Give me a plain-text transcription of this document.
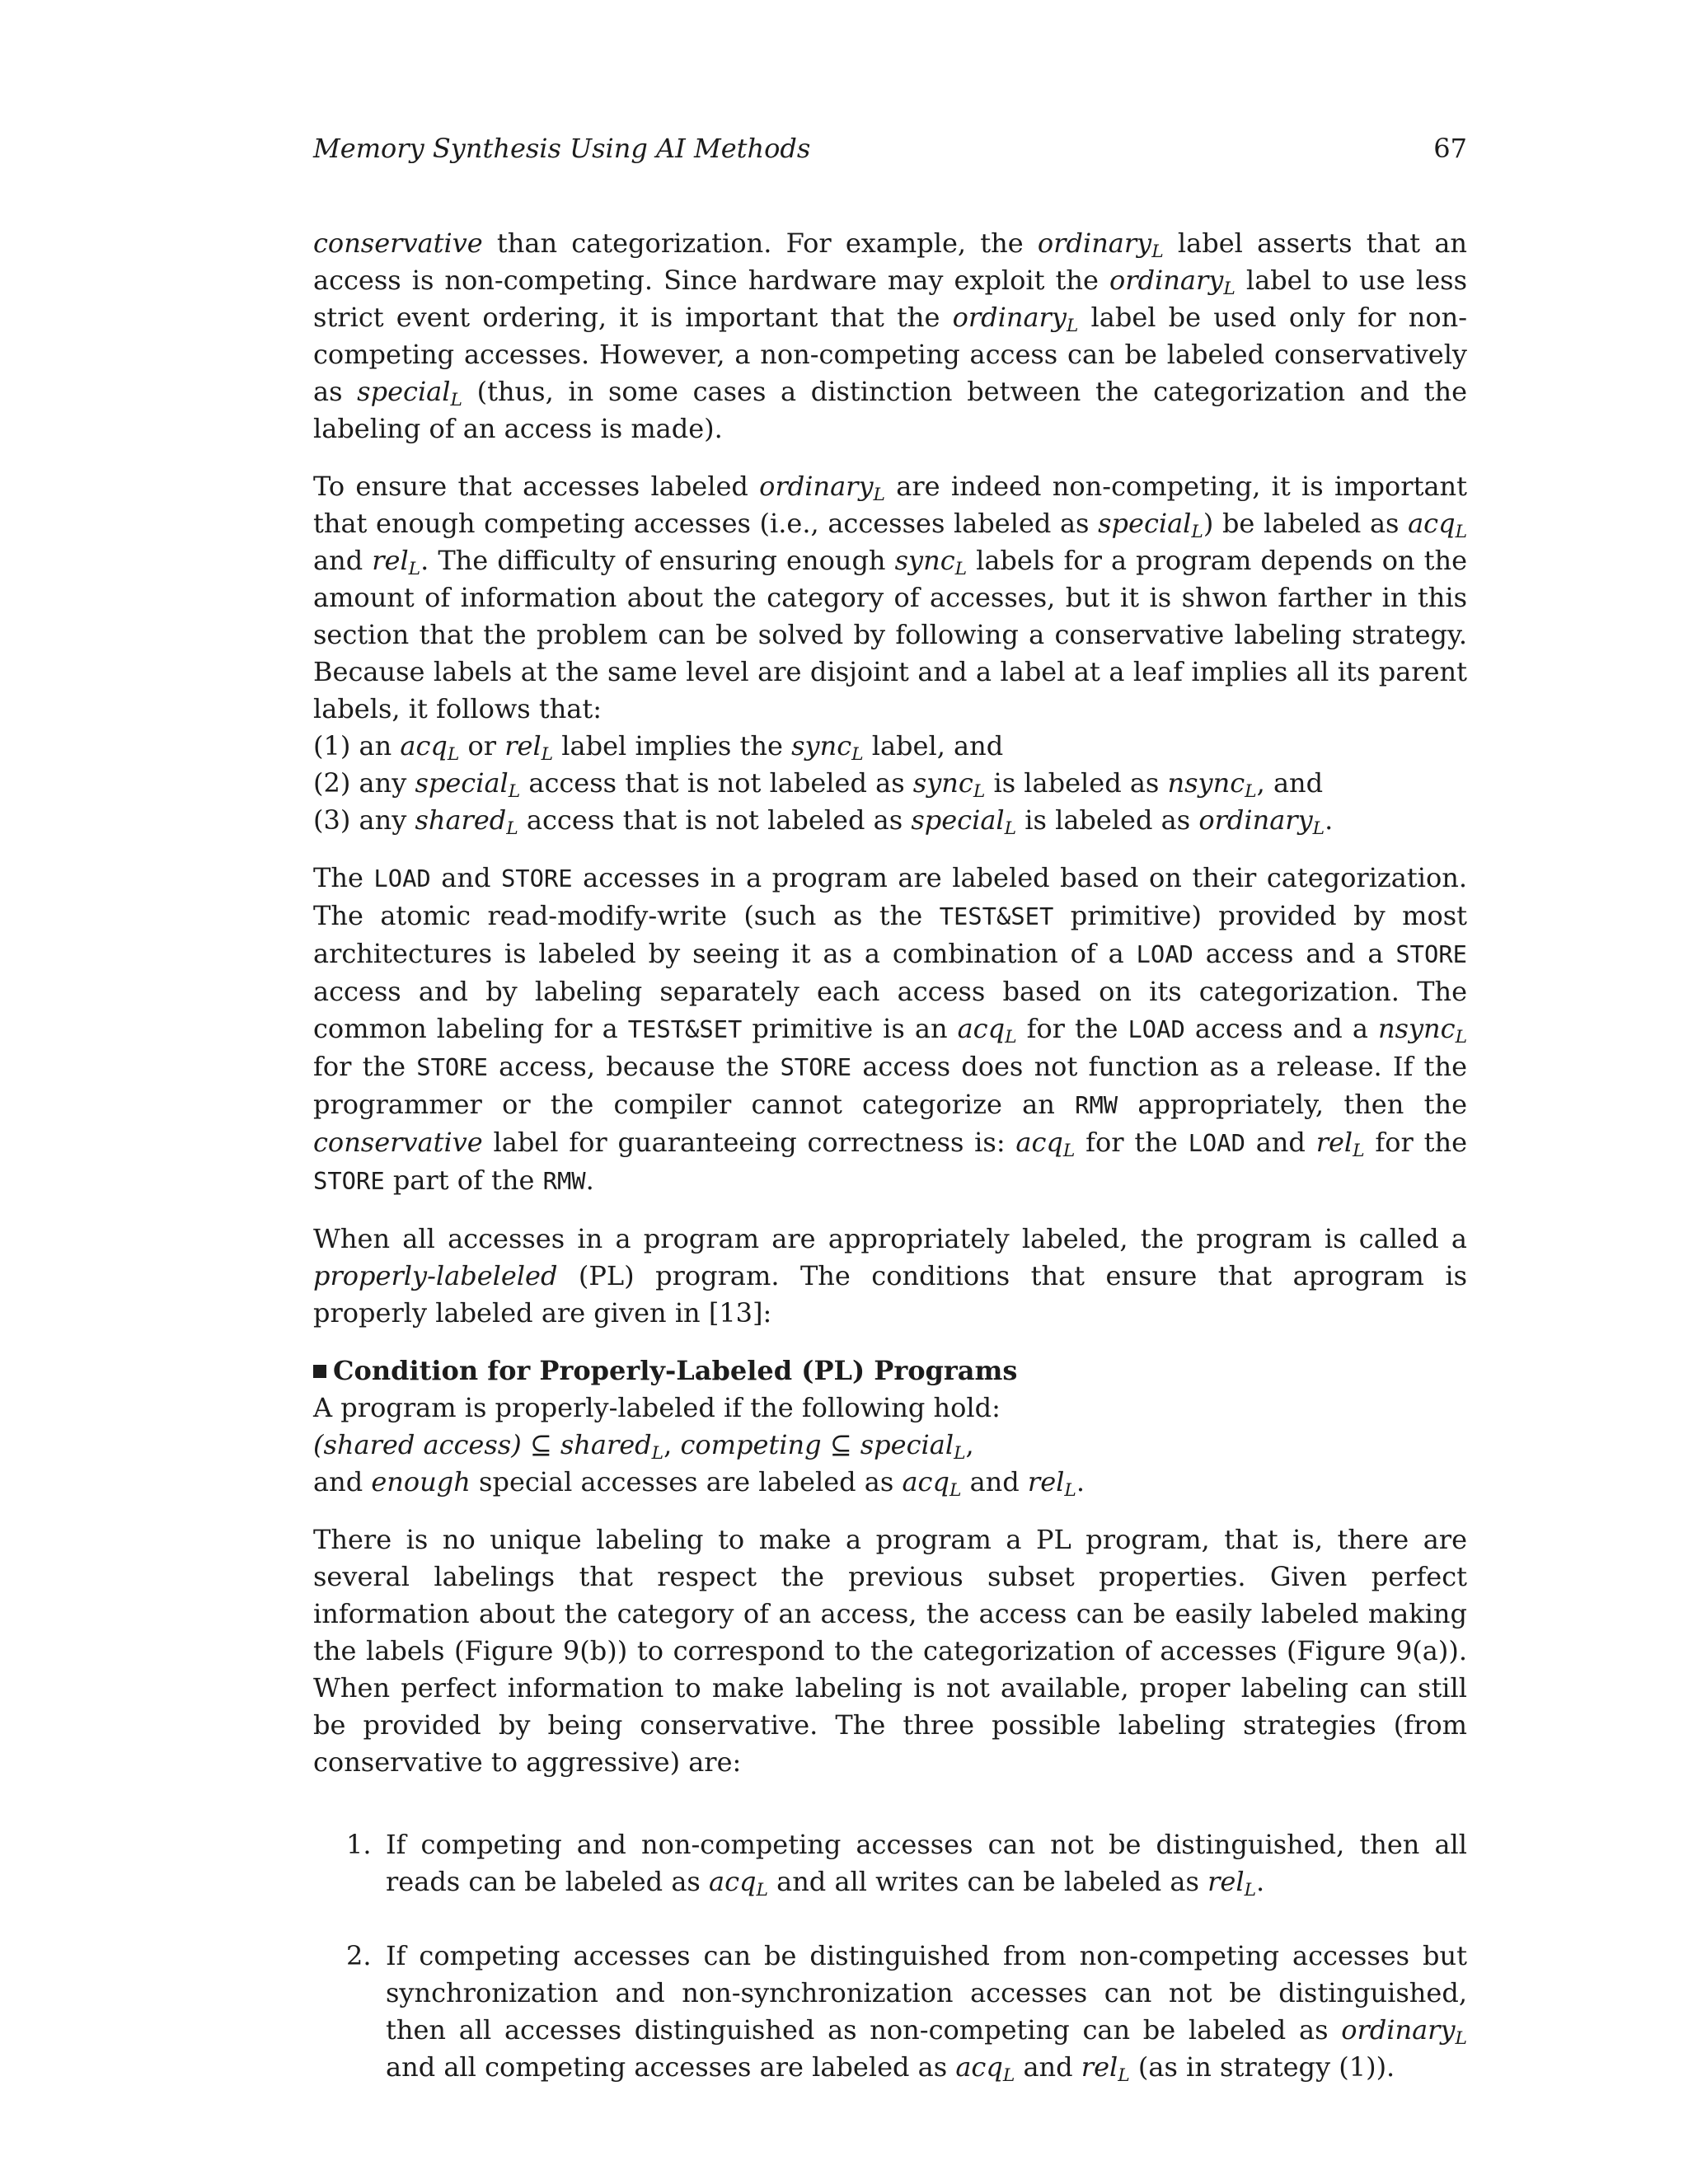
Memory Synthesis Using AI Methods	67

conservative than categorization. For example, the ordinary$_L$ label asserts that an access is non-competing. Since hardware may exploit the ordinary$_L$ label to use less strict event ordering, it is important that the ordinary$_L$ label be used only for non-competing accesses. However, a non-competing access can be labeled conservatively as special$_L$ (thus, in some cases a distinction between the categorization and the labeling of an access is made).

To ensure that accesses labeled ordinary$_L$ are indeed non-competing, it is important that enough competing accesses (i.e., accesses labeled as special$_L$) be labeled as acq$_L$ and rel$_L$. The difficulty of ensuring enough sync$_L$ labels for a program depends on the amount of information about the category of accesses, but it is shwon farther in this section that the problem can be solved by following a conservative labeling strategy. Because labels at the same level are disjoint and a label at a leaf implies all its parent labels, it follows that:
(1) an acq$_L$ or rel$_L$ label implies the sync$_L$ label, and
(2) any special$_L$ access that is not labeled as sync$_L$ is labeled as nsync$_L$, and
(3) any shared$_L$ access that is not labeled as special$_L$ is labeled as ordinary$_L$.

The LOAD and STORE accesses in a program are labeled based on their categorization. The atomic read-modify-write (such as the TEST&SET primitive) provided by most architectures is labeled by seeing it as a combination of a LOAD access and a STORE access and by labeling separately each access based on its categorization. The common labeling for a TEST&SET primitive is an acq$_L$ for the LOAD access and a nsync$_L$ for the STORE access, because the STORE access does not function as a release. If the programmer or the compiler cannot categorize an RMW appropriately, then the conservative label for guaranteeing correctness is: acq$_L$ for the LOAD and rel$_L$ for the STORE part of the RMW.

When all accesses in a program are appropriately labeled, the program is called a properly-labeleled (PL) program. The conditions that ensure that aprogram is properly labeled are given in [13]:

Condition for Properly-Labeled (PL) Programs
A program is properly-labeled if the following hold:
(shared access) ⊆ shared$_L$, competing ⊆ special$_L$,
and enough special accesses are labeled as acq$_L$ and rel$_L$.

There is no unique labeling to make a program a PL program, that is, there are several labelings that respect the previous subset properties. Given perfect information about the category of an access, the access can be easily labeled making the labels (Figure 9(b)) to correspond to the categorization of accesses (Figure 9(a)). When perfect information to make labeling is not available, proper labeling can still be provided by being conservative. The three possible labeling strategies (from conservative to aggressive) are:

1. If competing and non-competing accesses can not be distinguished, then all reads can be labeled as acq$_L$ and all writes can be labeled as rel$_L$.
2. If competing accesses can be distinguished from non-competing accesses but synchronization and non-synchronization accesses can not be distinguished, then all accesses distinguished as non-competing can be labeled as ordinary$_L$ and all competing accesses are labeled as acq$_L$ and rel$_L$ (as in strategy (1)).
